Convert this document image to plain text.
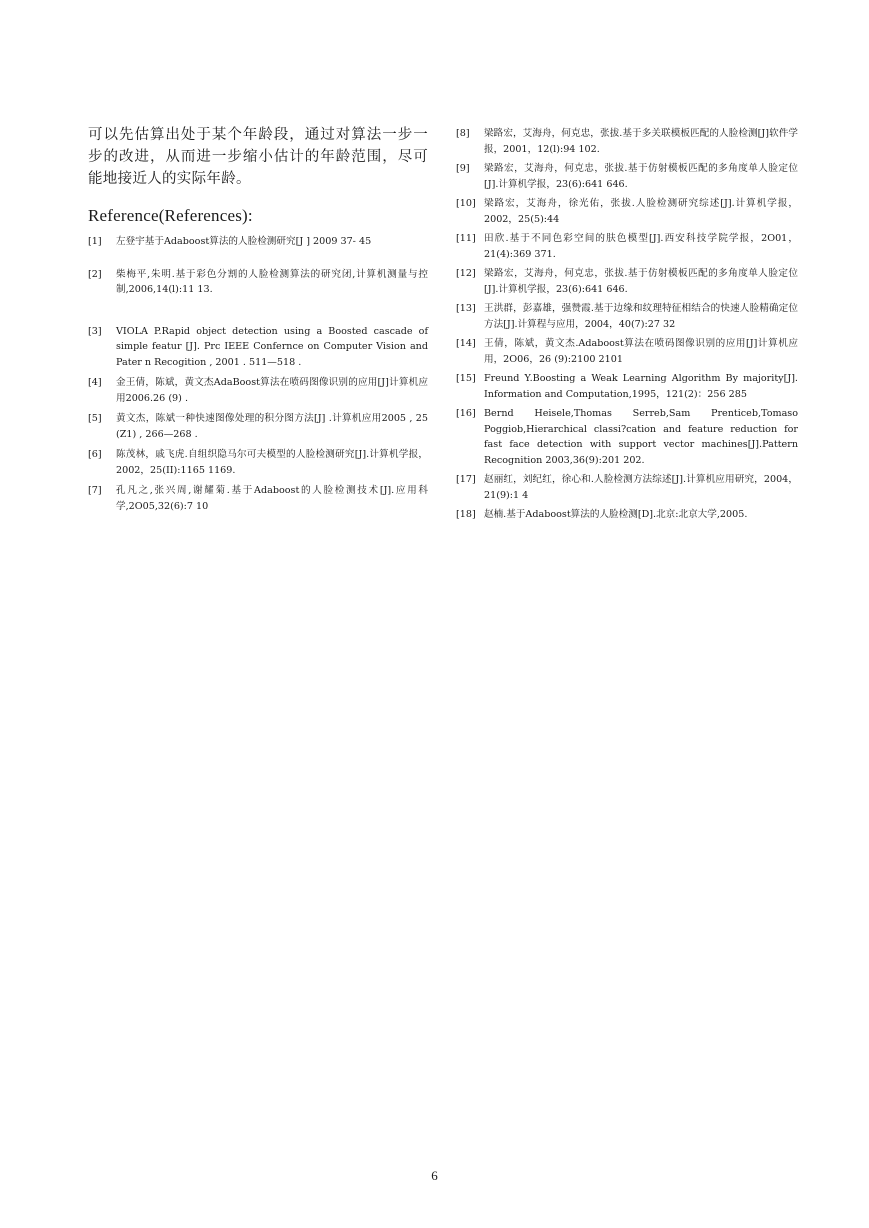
可以先估算出处于某个年龄段，通过对算法一步一步的改进，从而进一步缩小估计的年龄范围，尽可能地接近人的实际年龄。

Reference(References):
[1]	左登宇基于Adaboost算法的人脸检测研究[J ] 2009 37- 45
[2]	柴梅平,朱明.基于彩色分割的人脸检测算法的研究闭,计算机测量与控制,2006,14(l):11 13.
[3]	VIOLA P.Rapid object detection using a Boosted cascade of simple featur [J]. Prc IEEE Confernce on Computer Vision and Pater n Recogition , 2001 . 511—518 .
[4]	金王倩，陈斌，黄文杰AdaBoost算法在喷码图像识别的应用[J]计算机应用2006.26 (9) .
[5]	黄文杰，陈斌一种快速图像处理的积分图方法[J] .计算机应用2005 , 25 (Z1) , 266—268 .
[6]	陈茂林，戚飞虎.自组织隐马尔可夫模型的人脸检测研究[J].计算机学报，2002，25(II):1165 1169.
[7]	孔凡之,张兴周,谢耀菊.基于Adaboost的人脸检测技术[J].应用科学,2O05,32(6):7 10
[8]	梁路宏，艾海舟，何克忠，张拔.基于多关联模板匹配的人脸检测[J]软件学报，2001，12(l):94 102.
[9]	梁路宏，艾海舟，何克忠，张拔.基于仿射模板匹配的多角度单人脸定位[J].计算机学报，23(6):641 646.
[10] 梁路宏，艾海舟，徐光佑，张拔.人脸检测研究综述[J].计算机学报，2002，25(5):44
[11] 田欣.基于不同色彩空间的肤色模型[J].西安科技学院学报，2O01，21(4):369 371.
[12] 梁路宏，艾海舟，何克忠，张拔.基于仿射模板匹配的多角度单人脸定位[J].计算机学报，23(6):641 646.
[13] 王洪群，彭嘉雄，强赞霞.基于边缘和纹理特征相结合的快速人脸精确定位方法[J].计算程与应用，2004，40(7):27 32
[14] 王倩，陈斌，黄文杰.Adaboost算法在喷码图像识别的应用[J]计算机应用，2O06，26 (9):2100 2101
[15] Freund Y.Boosting a Weak Learning Algorithm By majority[J]. Information and Computation,1995，121(2)：256 285
[16] Bernd Heisele,Thomas Serreb,Sam Prenticeb,Tomaso Poggiob,Hierarchical classi?cation and feature reduction for fast face detection with support vector machines[J].Pattern Recognition 2003,36(9):201 202.
[17] 赵丽红，刘纪红，徐心和.人脸检测方法综述[J].计算机应用研究，2004，21(9):1 4
[18] 赵楠.基于Adaboost算法的人脸检测[D].北京:北京大学,2005.
6
